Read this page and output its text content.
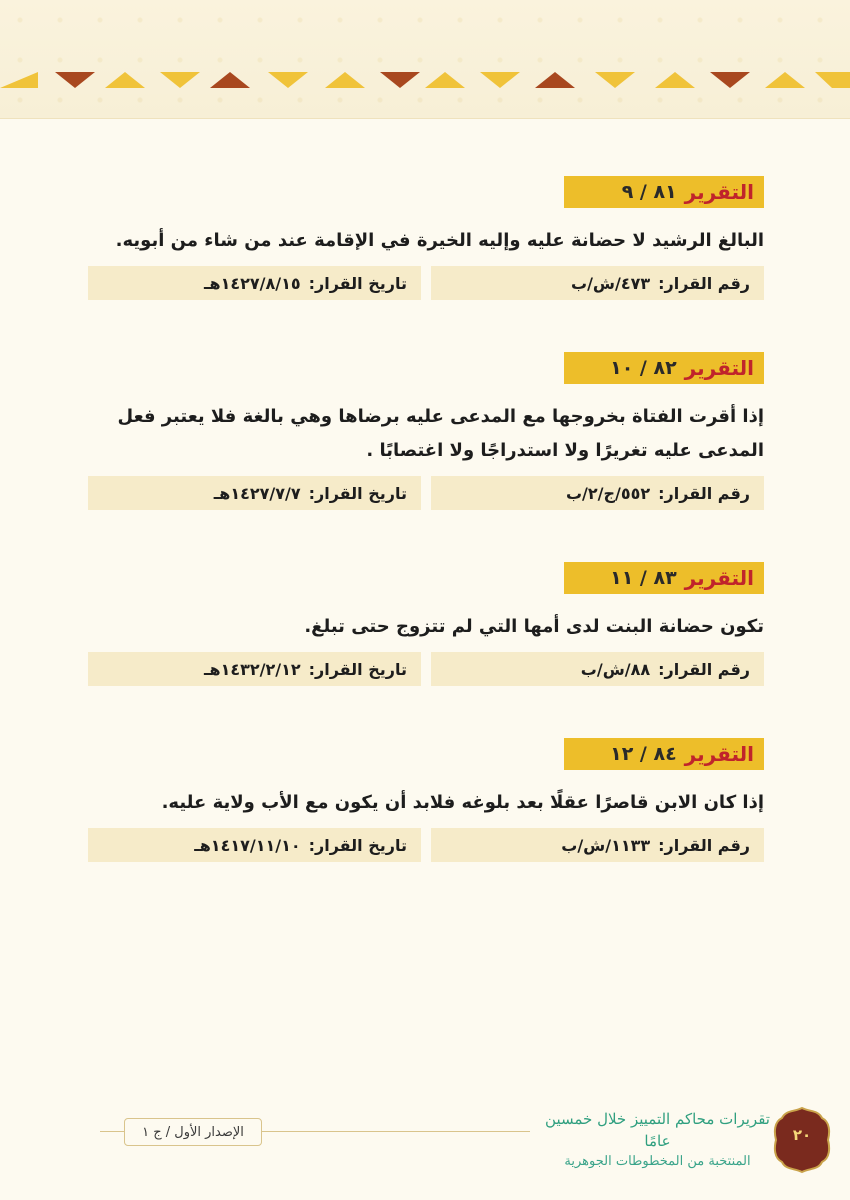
التقرير
٨١ / ٩

البالغ الرشيد لا حضانة عليه وإليه الخيرة في الإقامة عند من شاء من أبويه.

رقم القرار:
٤٧٣/ش/ب
تاريخ القرار:
١٤٢٧/٨/١٥هـ
التقرير
٨٢ / ١٠

إذا أقرت الفتاة بخروجها مع المدعى عليه برضاها وهي بالغة فلا يعتبر فعل المدعى عليه تغريرًا ولا استدراجًا ولا اغتصابًا .

رقم القرار:
٥٥٢/ج/٢/ب
تاريخ القرار:
١٤٢٧/٧/٧هـ
التقرير
٨٣ / ١١

تكون حضانة البنت لدى أمها التي لم تتزوج حتى تبلغ.

رقم القرار:
٨٨/ش/ب
تاريخ القرار:
١٤٣٢/٢/١٢هـ
التقرير
٨٤ / ١٢

إذا كان الابن قاصرًا عقلًا بعد بلوغه فلابد أن يكون مع الأب ولاية عليه.

رقم القرار:
١١٣٣/ش/ب
تاريخ القرار:
١٤١٧/١١/١٠هـ
الإصدار الأول / ج ١
تقريرات محاكم التمييز خلال خمسين عامًا
المنتخبة من المخطوطات الجوهرية
٢٠
